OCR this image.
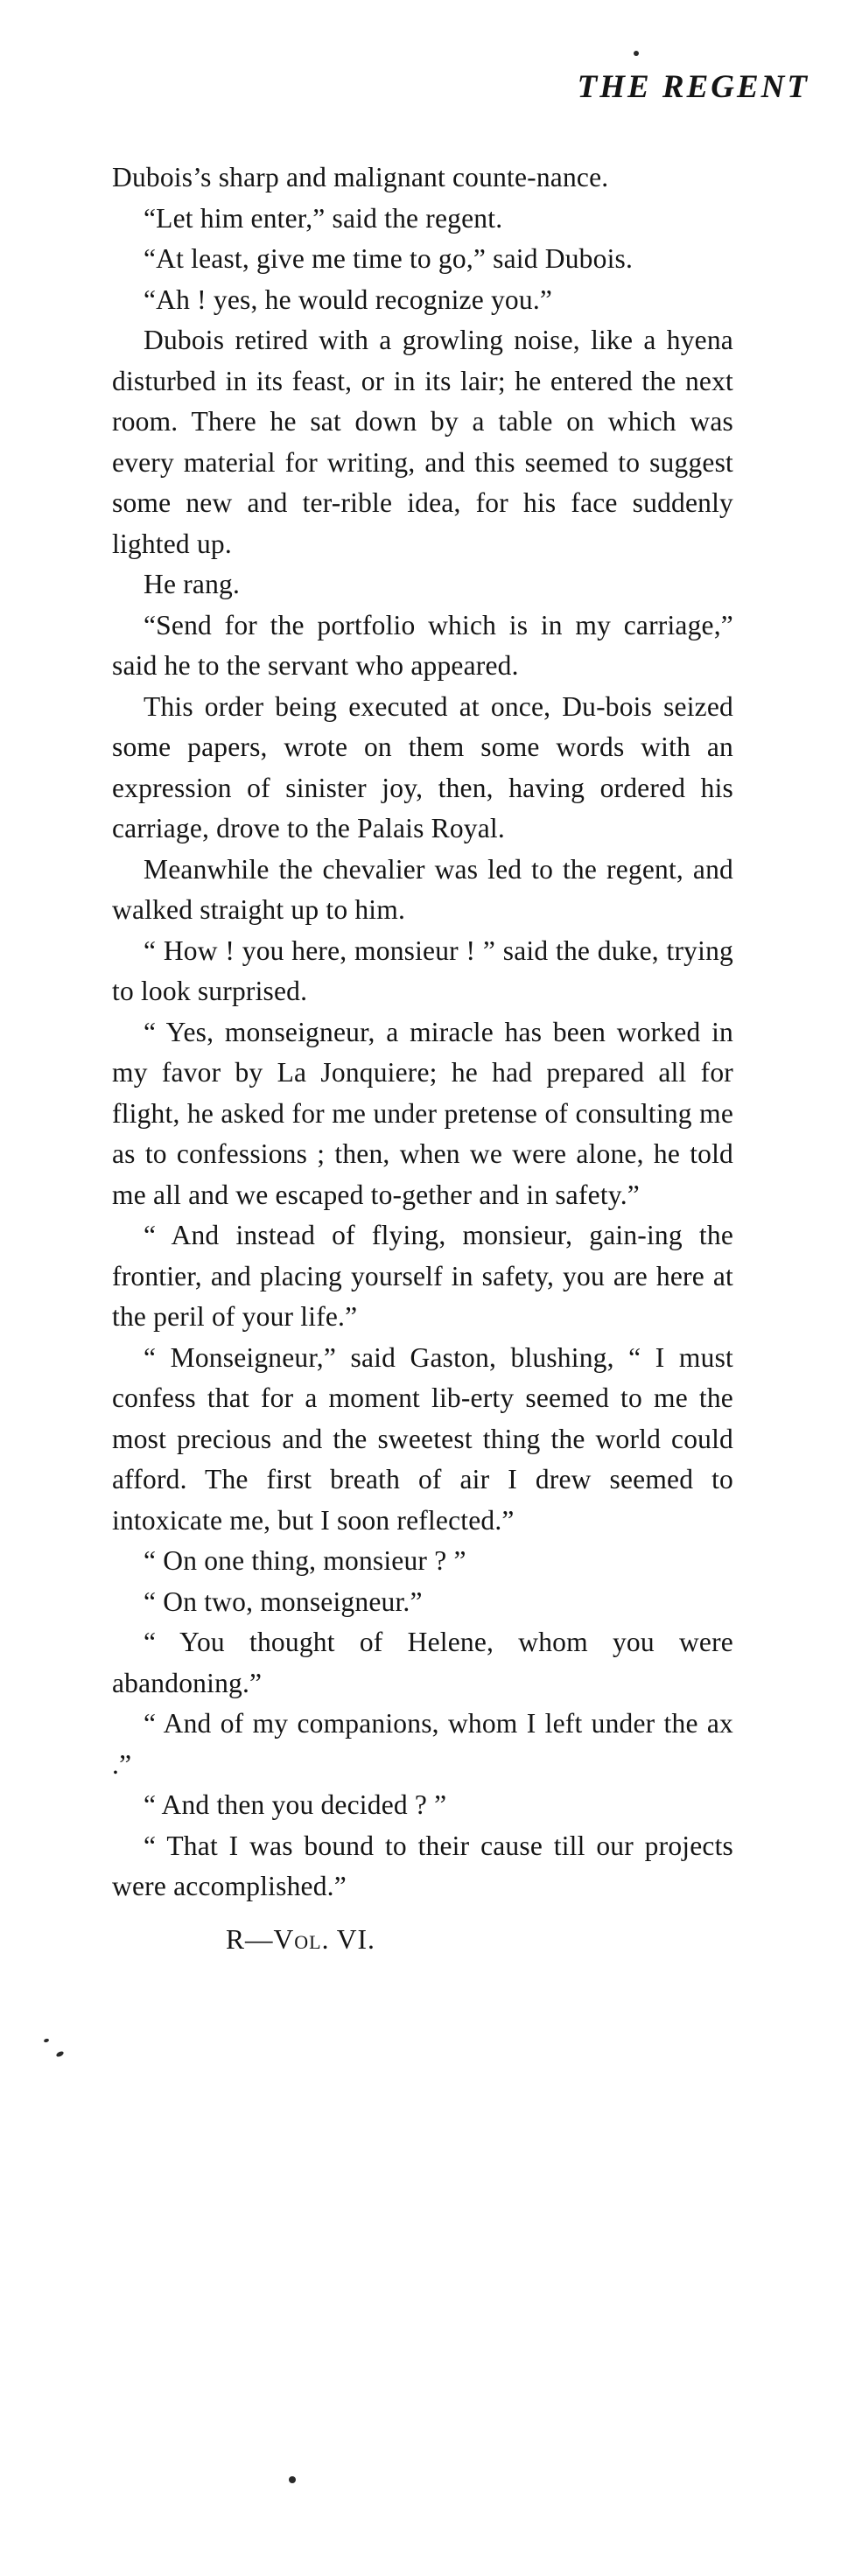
THE REGENT

Dubois’s sharp and malignant counte-nance.

“Let him enter,” said the regent.

“At least, give me time to go,” said Dubois.

“Ah ! yes, he would recognize you.”

Dubois retired with a growling noise, like a hyena disturbed in its feast, or in its lair; he entered the next room. There he sat down by a table on which was every material for writing, and this seemed to suggest some new and ter-rible idea, for his face suddenly lighted up.

He rang.

“Send for the portfolio which is in my carriage,” said he to the servant who appeared.

This order being executed at once, Du-bois seized some papers, wrote on them some words with an expression of sinister joy, then, having ordered his carriage, drove to the Palais Royal.

Meanwhile the chevalier was led to the regent, and walked straight up to him.

“ How ! you here, monsieur ! ” said the duke, trying to look surprised.

“ Yes, monseigneur, a miracle has been worked in my favor by La Jonquiere; he had prepared all for flight, he asked for me under pretense of consulting me as to confessions ; then, when we were alone, he told me all and we escaped to-gether and in safety.”

“ And instead of flying, monsieur, gain-ing the frontier, and placing yourself in safety, you are here at the peril of your life.”

“ Monseigneur,” said Gaston, blushing, “ I must confess that for a moment lib-erty seemed to me the most precious and the sweetest thing the world could afford. The first breath of air I drew seemed to intoxicate me, but I soon reflected.”

“ On one thing, monsieur ? ”

“ On two, monseigneur.”

“ You thought of Helene, whom you were abandoning.”

“ And of my companions, whom I left under the ax .”

“ And then you decided ? ”

“ That I was bound to their cause till our projects were accomplished.”

R—Vol. VI.
